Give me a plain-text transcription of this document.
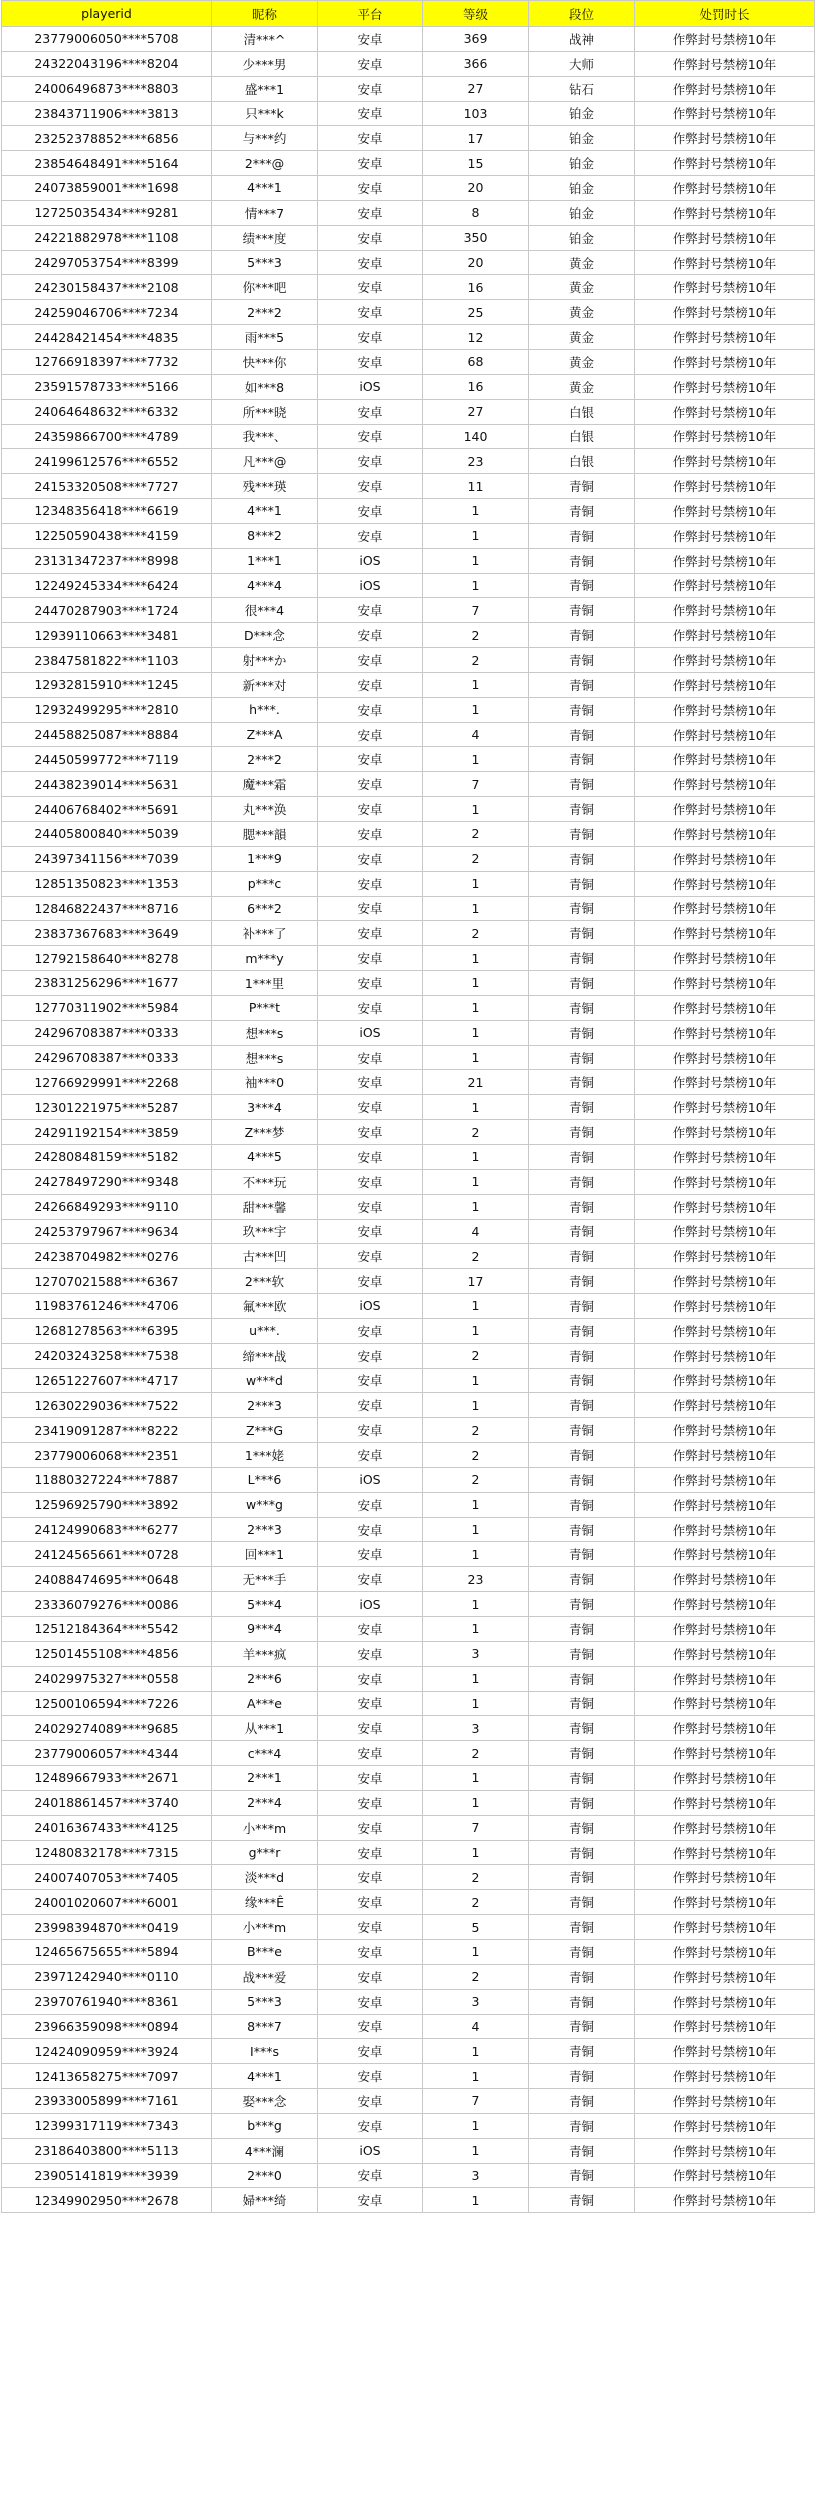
playerid	昵称	平台	等级	段位	处罚时长
23779006050****5708	清***^	安卓	369	战神	作弊封号禁榜10年
24322043196****8204	少***男	安卓	366	大师	作弊封号禁榜10年
24006496873****8803	盛***1	安卓	27	钻石	作弊封号禁榜10年
23843711906****3813	只***k	安卓	103	铂金	作弊封号禁榜10年
23252378852****6856	与***约	安卓	17	铂金	作弊封号禁榜10年
23854648491****5164	2***@	安卓	15	铂金	作弊封号禁榜10年
24073859001****1698	4***1	安卓	20	铂金	作弊封号禁榜10年
12725035434****9281	情***7	安卓	8	铂金	作弊封号禁榜10年
24221882978****1108	绩***度	安卓	350	铂金	作弊封号禁榜10年
24297053754****8399	5***3	安卓	20	黄金	作弊封号禁榜10年
24230158437****2108	你***吧	安卓	16	黄金	作弊封号禁榜10年
24259046706****7234	2***2	安卓	25	黄金	作弊封号禁榜10年
24428421454****4835	雨***5	安卓	12	黄金	作弊封号禁榜10年
12766918397****7732	快***你	安卓	68	黄金	作弊封号禁榜10年
23591578733****5166	如***8	iOS	16	黄金	作弊封号禁榜10年
24064648632****6332	所***晓	安卓	27	白银	作弊封号禁榜10年
24359866700****4789	我***、	安卓	140	白银	作弊封号禁榜10年
24199612576****6552	凡***@	安卓	23	白银	作弊封号禁榜10年
24153320508****7727	残***瑛	安卓	11	青铜	作弊封号禁榜10年
12348356418****6619	4***1	安卓	1	青铜	作弊封号禁榜10年
12250590438****4159	8***2	安卓	1	青铜	作弊封号禁榜10年
23131347237****8998	1***1	iOS	1	青铜	作弊封号禁榜10年
12249245334****6424	4***4	iOS	1	青铜	作弊封号禁榜10年
24470287903****1724	很***4	安卓	7	青铜	作弊封号禁榜10年
12939110663****3481	D***念	安卓	2	青铜	作弊封号禁榜10年
23847581822****1103	射***か	安卓	2	青铜	作弊封号禁榜10年
12932815910****1245	新***对	安卓	1	青铜	作弊封号禁榜10年
12932499295****2810	h***.	安卓	1	青铜	作弊封号禁榜10年
24458825087****8884	Z***A	安卓	4	青铜	作弊封号禁榜10年
24450599772****7119	2***2	安卓	1	青铜	作弊封号禁榜10年
24438239014****5631	魔***霜	安卓	7	青铜	作弊封号禁榜10年
24406768402****5691	丸***涣	安卓	1	青铜	作弊封号禁榜10年
24405800840****5039	腮***韻	安卓	2	青铜	作弊封号禁榜10年
24397341156****7039	1***9	安卓	2	青铜	作弊封号禁榜10年
12851350823****1353	p***c	安卓	1	青铜	作弊封号禁榜10年
12846822437****8716	6***2	安卓	1	青铜	作弊封号禁榜10年
23837367683****3649	补***了	安卓	2	青铜	作弊封号禁榜10年
12792158640****8278	m***y	安卓	1	青铜	作弊封号禁榜10年
23831256296****1677	1***里	安卓	1	青铜	作弊封号禁榜10年
12770311902****5984	P***t	安卓	1	青铜	作弊封号禁榜10年
24296708387****0333	想***s	iOS	1	青铜	作弊封号禁榜10年
24296708387****0333	想***s	安卓	1	青铜	作弊封号禁榜10年
12766929991****2268	袖***0	安卓	21	青铜	作弊封号禁榜10年
12301221975****5287	3***4	安卓	1	青铜	作弊封号禁榜10年
24291192154****3859	Z***梦	安卓	2	青铜	作弊封号禁榜10年
24280848159****5182	4***5	安卓	1	青铜	作弊封号禁榜10年
24278497290****9348	不***玩	安卓	1	青铜	作弊封号禁榜10年
24266849293****9110	甜***馨	安卓	1	青铜	作弊封号禁榜10年
24253797967****9634	玖***宇	安卓	4	青铜	作弊封号禁榜10年
24238704982****0276	古***凹	安卓	2	青铜	作弊封号禁榜10年
12707021588****6367	2***软	安卓	17	青铜	作弊封号禁榜10年
11983761246****4706	氟***欧	iOS	1	青铜	作弊封号禁榜10年
12681278563****6395	u***.	安卓	1	青铜	作弊封号禁榜10年
24203243258****7538	缔***战	安卓	2	青铜	作弊封号禁榜10年
12651227607****4717	w***d	安卓	1	青铜	作弊封号禁榜10年
12630229036****7522	2***3	安卓	1	青铜	作弊封号禁榜10年
23419091287****8222	Z***G	安卓	2	青铜	作弊封号禁榜10年
23779006068****2351	1***姥	安卓	2	青铜	作弊封号禁榜10年
11880327224****7887	L***6	iOS	2	青铜	作弊封号禁榜10年
12596925790****3892	w***g	安卓	1	青铜	作弊封号禁榜10年
24124990683****6277	2***3	安卓	1	青铜	作弊封号禁榜10年
24124565661****0728	回***1	安卓	1	青铜	作弊封号禁榜10年
24088474695****0648	无***手	安卓	23	青铜	作弊封号禁榜10年
23336079276****0086	5***4	iOS	1	青铜	作弊封号禁榜10年
12512184364****5542	9***4	安卓	1	青铜	作弊封号禁榜10年
12501455108****4856	羊***疯	安卓	3	青铜	作弊封号禁榜10年
24029975327****0558	2***6	安卓	1	青铜	作弊封号禁榜10年
12500106594****7226	A***e	安卓	1	青铜	作弊封号禁榜10年
24029274089****9685	从***1	安卓	3	青铜	作弊封号禁榜10年
23779006057****4344	c***4	安卓	2	青铜	作弊封号禁榜10年
12489667933****2671	2***1	安卓	1	青铜	作弊封号禁榜10年
24018861457****3740	2***4	安卓	1	青铜	作弊封号禁榜10年
24016367433****4125	小***m	安卓	7	青铜	作弊封号禁榜10年
12480832178****7315	g***r	安卓	1	青铜	作弊封号禁榜10年
24007407053****7405	淡***d	安卓	2	青铜	作弊封号禁榜10年
24001020607****6001	缘***Ê	安卓	2	青铜	作弊封号禁榜10年
23998394870****0419	小***m	安卓	5	青铜	作弊封号禁榜10年
12465675655****5894	B***e	安卓	1	青铜	作弊封号禁榜10年
23971242940****0110	战***爱	安卓	2	青铜	作弊封号禁榜10年
23970761940****8361	5***3	安卓	3	青铜	作弊封号禁榜10年
23966359098****0894	8***7	安卓	4	青铜	作弊封号禁榜10年
12424090959****3924	I***s	安卓	1	青铜	作弊封号禁榜10年
12413658275****7097	4***1	安卓	1	青铜	作弊封号禁榜10年
23933005899****7161	娶***念	安卓	7	青铜	作弊封号禁榜10年
12399317119****7343	b***g	安卓	1	青铜	作弊封号禁榜10年
23186403800****5113	4***澜	iOS	1	青铜	作弊封号禁榜10年
23905141819****3939	2***0	安卓	3	青铜	作弊封号禁榜10年
12349902950****2678	婦***绮	安卓	1	青铜	作弊封号禁榜10年
